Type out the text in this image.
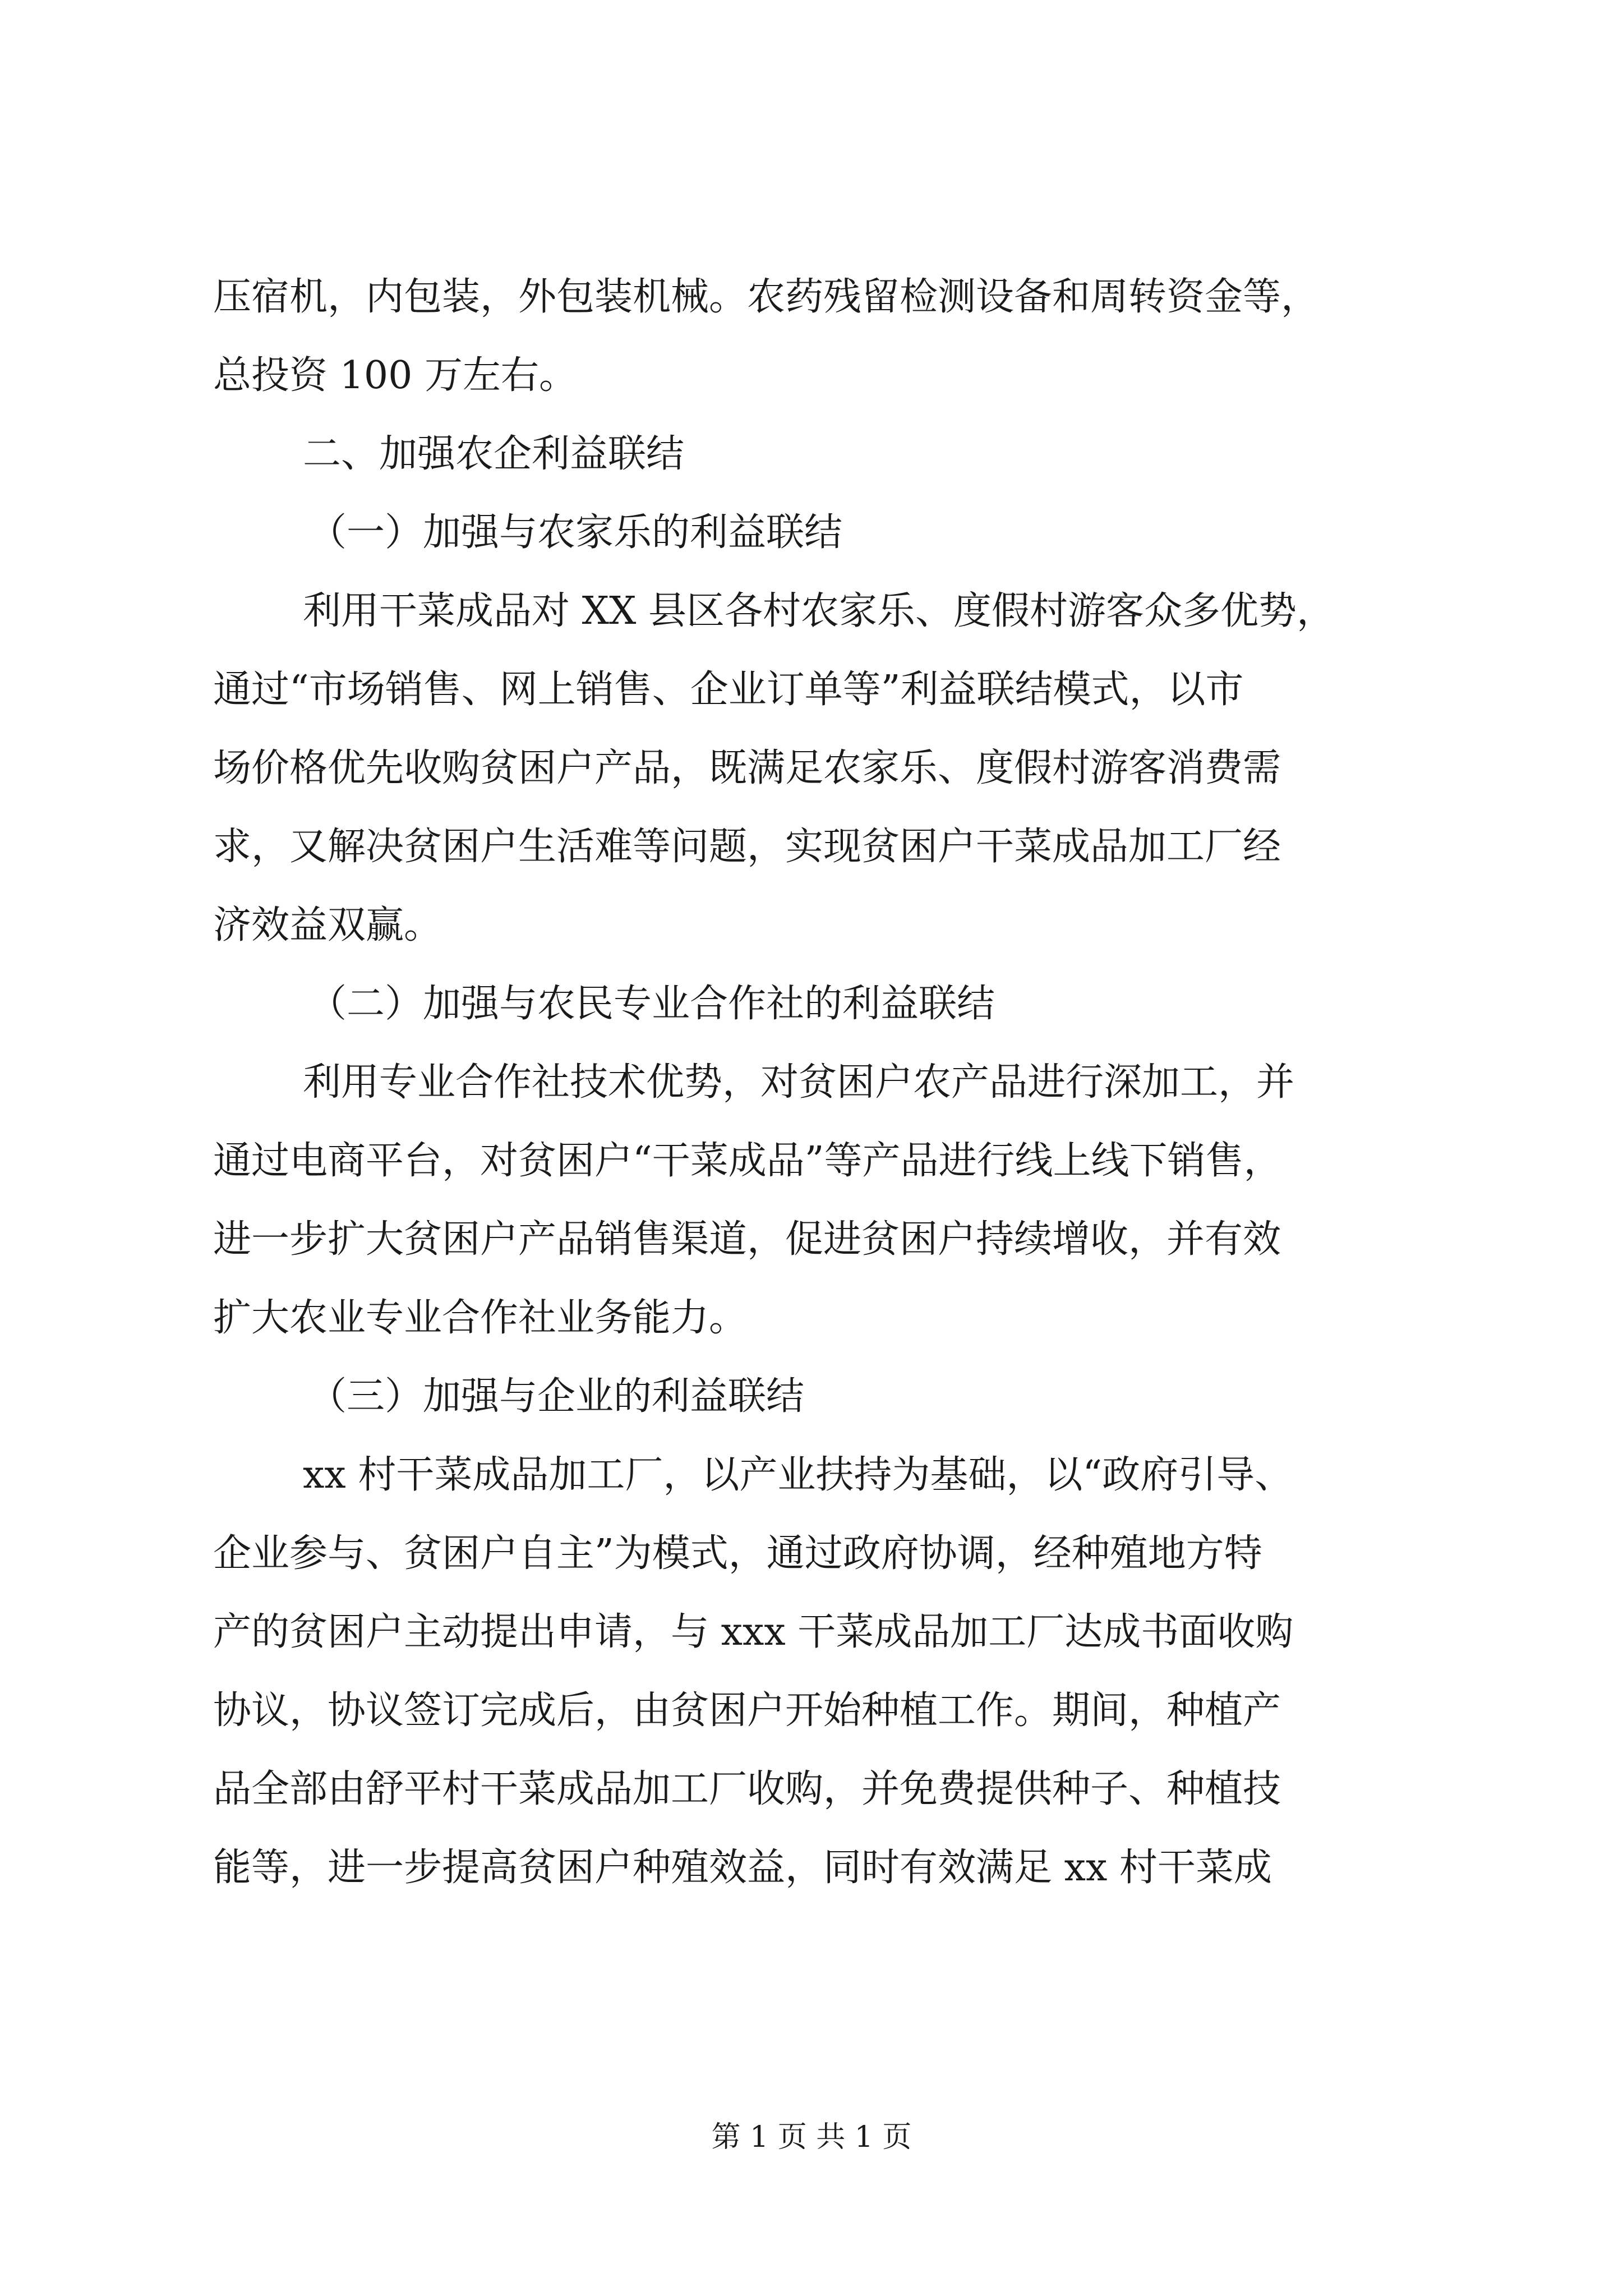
压宿机，内包装，外包装机械。农药残留检测设备和周转资金等，
总投资 100 万左右。
二、加强农企利益联结
（一）加强与农家乐的利益联结
利用干菜成品对 XX 县区各村农家乐、度假村游客众多优势，
通过“市场销售、网上销售、企业订单等”利益联结模式，以市
场价格优先收购贫困户产品，既满足农家乐、度假村游客消费需
求，又解决贫困户生活难等问题，实现贫困户干菜成品加工厂经
济效益双赢。
（二）加强与农民专业合作社的利益联结
利用专业合作社技术优势，对贫困户农产品进行深加工，并
通过电商平台，对贫困户“干菜成品”等产品进行线上线下销售，
进一步扩大贫困户产品销售渠道，促进贫困户持续增收，并有效
扩大农业专业合作社业务能力。
（三）加强与企业的利益联结
xx 村干菜成品加工厂，以产业扶持为基础，以“政府引导、
企业参与、贫困户自主”为模式，通过政府协调，经种殖地方特
产的贫困户主动提出申请，与 xxx 干菜成品加工厂达成书面收购
协议，协议签订完成后，由贫困户开始种植工作。期间，种植产
品全部由舒平村干菜成品加工厂收购，并免费提供种子、种植技
能等，进一步提高贫困户种殖效益，同时有效满足 xx 村干菜成
第 1 页 共 1 页
